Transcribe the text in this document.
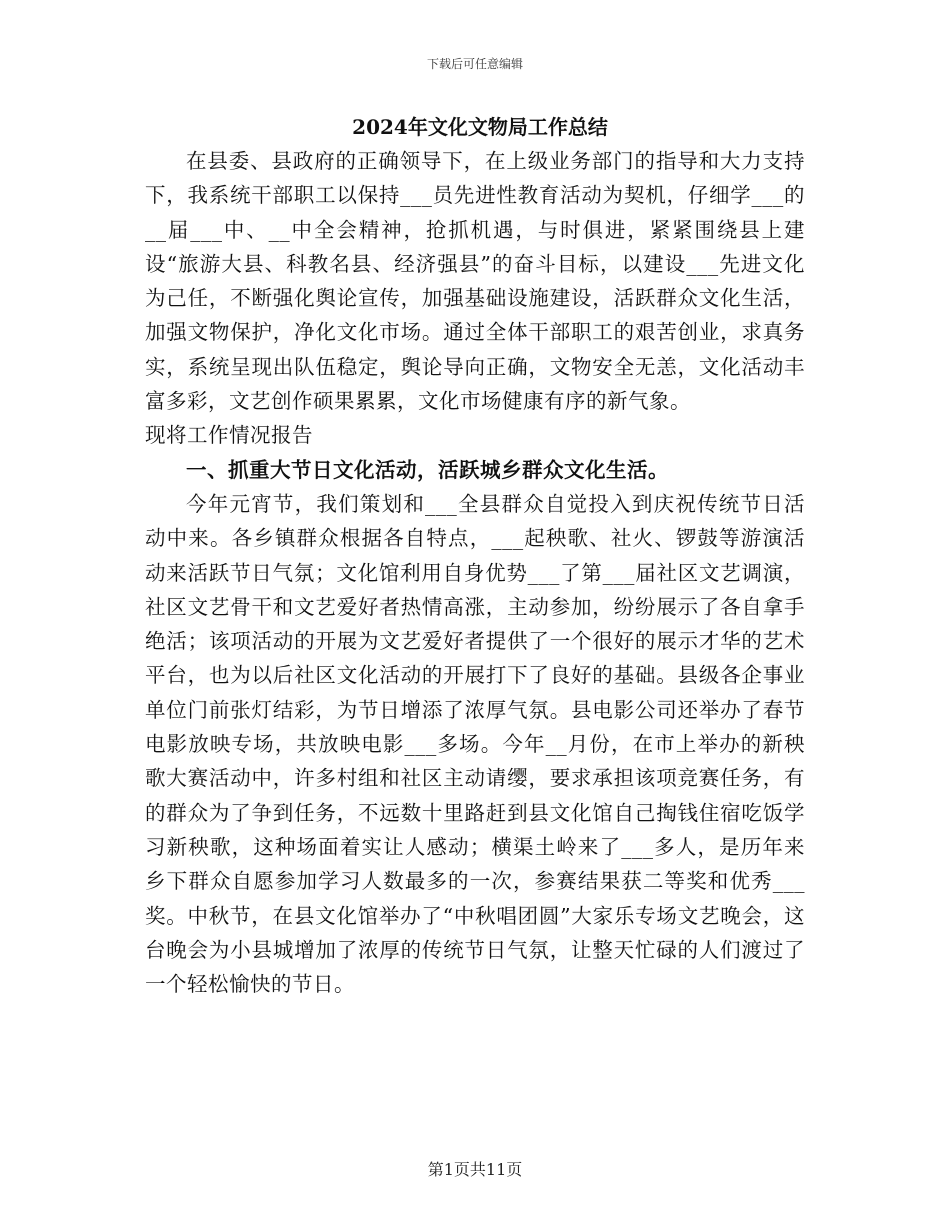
下载后可任意编辑
2024年文化文物局工作总结

在县委、县政府的正确领导下，在上级业务部门的指导和大力支持下，我系统干部职工以保持___员先进性教育活动为契机，仔细学___的__届___中、__中全会精神，抢抓机遇，与时俱进，紧紧围绕县上建设“旅游大县、科教名县、经济强县”的奋斗目标，以建设___先进文化为己任，不断强化舆论宣传，加强基础设施建设，活跃群众文化生活，加强文物保护，净化文化市场。通过全体干部职工的艰苦创业，求真务实，系统呈现出队伍稳定，舆论导向正确，文物安全无恙，文化活动丰富多彩，文艺创作硕果累累，文化市场健康有序的新气象。

现将工作情况报告

一、抓重大节日文化活动，活跃城乡群众文化生活。

今年元宵节，我们策划和___全县群众自觉投入到庆祝传统节日活动中来。各乡镇群众根据各自特点，___起秧歌、社火、锣鼓等游演活动来活跃节日气氛；文化馆利用自身优势___了第___届社区文艺调演，社区文艺骨干和文艺爱好者热情高涨，主动参加，纷纷展示了各自拿手绝活；该项活动的开展为文艺爱好者提供了一个很好的展示才华的艺术平台，也为以后社区文化活动的开展打下了良好的基础。县级各企事业单位门前张灯结彩，为节日增添了浓厚气氛。县电影公司还举办了春节电影放映专场，共放映电影___多场。今年__月份，在市上举办的新秧歌大赛活动中，许多村组和社区主动请缨，要求承担该项竞赛任务，有的群众为了争到任务，不远数十里路赶到县文化馆自己掏钱住宿吃饭学习新秧歌，这种场面着实让人感动；横渠土岭来了___多人，是历年来乡下群众自愿参加学习人数最多的一次，参赛结果获二等奖和优秀___奖。中秋节，在县文化馆举办了“中秋唱团圆”大家乐专场文艺晚会，这台晚会为小县城增加了浓厚的传统节日气氛，让整天忙碌的人们渡过了一个轻松愉快的节日。

第1页共11页
